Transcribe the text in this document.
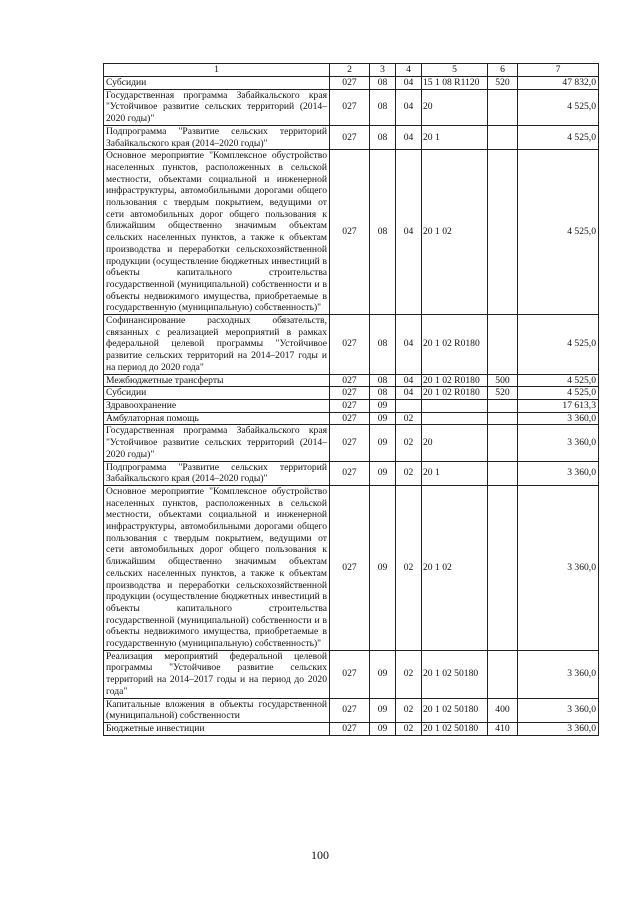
1	2	3	4	5	6	7
Субсидии	027	08	04	15 1 08 R1120	520	47 832,0
Государственная программа Забайкальского края "Устойчивое развитие сельских территорий (2014–2020 годы)"	027	08	04	20		4 525,0
Подпрограмма "Развитие сельских территорий Забайкальского края (2014–2020 годы)"	027	08	04	20 1		4 525,0
Основное мероприятие "Комплексное обустройство населенных пунктов, расположенных в сельской местности, объектами социальной и инженерной инфраструктуры, автомобильными дорогами общего пользования с твердым покрытием, ведущими от сети автомобильных дорог общего пользования к ближайшим общественно значимым объектам сельских населенных пунктов, а также к объектам производства и переработки сельскохозяйственной продукции (осуществление бюджетных инвестиций в объекты капитального строительства государственной (муниципальной) собственности и в объекты недвижимого имущества, приобретаемые в государственную (муниципальную) собственность)"	027	08	04	20 1 02		4 525,0
Софинансирование расходных обязательств, связанных с реализацией мероприятий в рамках федеральной целевой программы "Устойчивое развитие сельских территорий на 2014–2017 годы и на период до 2020 года"	027	08	04	20 1 02 R0180		4 525,0
Межбюджетные трансферты	027	08	04	20 1 02 R0180	500	4 525,0
Субсидии	027	08	04	20 1 02 R0180	520	4 525,0
Здравоохранение	027	09				17 613,3
Амбулаторная помощь	027	09	02			3 360,0
Государственная программа Забайкальского края "Устойчивое развитие сельских территорий (2014–2020 годы)"	027	09	02	20		3 360,0
Подпрограмма "Развитие сельских территорий Забайкальского края (2014–2020 годы)"	027	09	02	20 1		3 360,0
Основное мероприятие "Комплексное обустройство населенных пунктов, расположенных в сельской местности, объектами социальной и инженерной инфраструктуры, автомобильными дорогами общего пользования с твердым покрытием, ведущими от сети автомобильных дорог общего пользования к ближайшим общественно значимым объектам сельских населенных пунктов, а также к объектам производства и переработки сельскохозяйственной продукции (осуществление бюджетных инвестиций в объекты капитального строительства государственной (муниципальной) собственности и в объекты недвижимого имущества, приобретаемые в государственную (муниципальную) собственность)"	027	09	02	20 1 02		3 360,0
Реализация мероприятий федеральной целевой программы "Устойчивое развитие сельских территорий на 2014–2017 годы и на период до 2020 года"	027	09	02	20 1 02 50180		3 360,0
Капитальные вложения в объекты государственной (муниципальной) собственности	027	09	02	20 1 02 50180	400	3 360,0
Бюджетные инвестиции	027	09	02	20 1 02 50180	410	3 360,0
100
